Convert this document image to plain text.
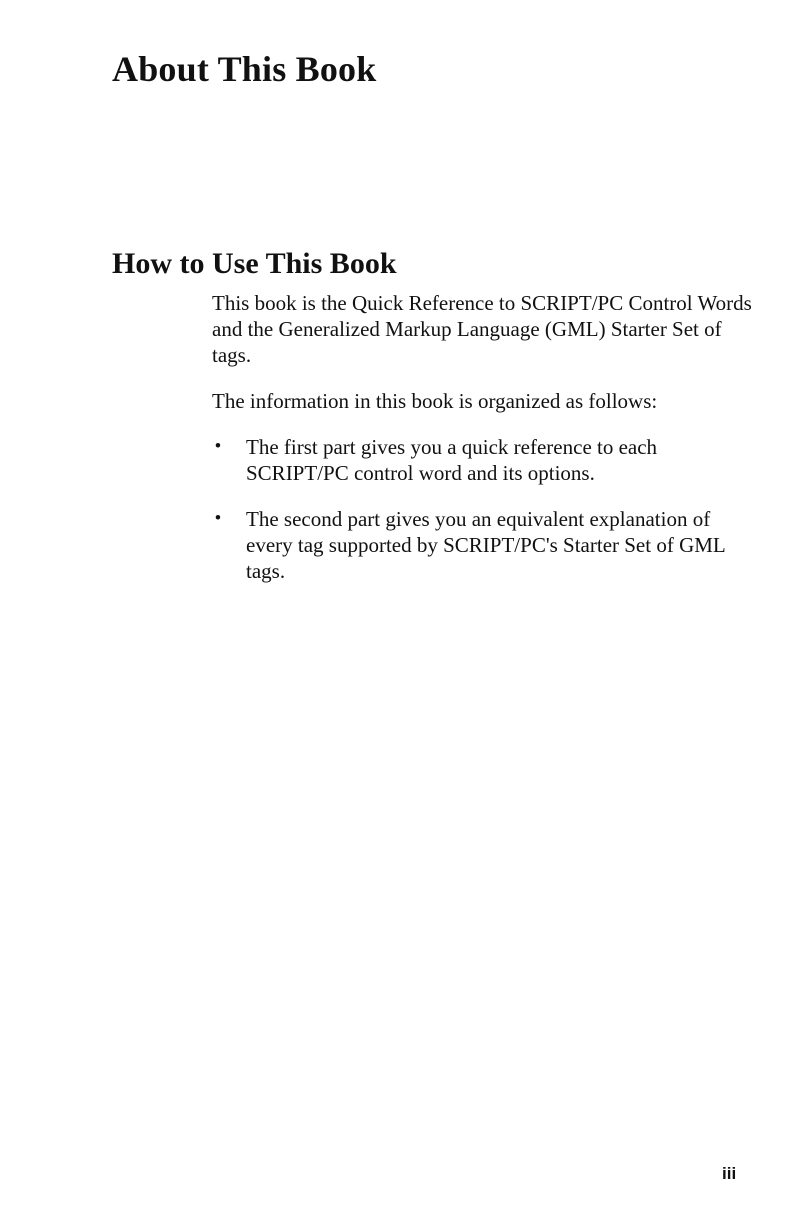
About This Book
How to Use This Book

This book is the Quick Reference to SCRIPT/PC Control Words and the Generalized Markup Language (GML) Starter Set of tags.

The information in this book is organized as follows:

• The first part gives you a quick reference to each SCRIPT/PC control word and its options.
• The second part gives you an equivalent explanation of every tag supported by SCRIPT/PC's Starter Set of GML tags.

iii
